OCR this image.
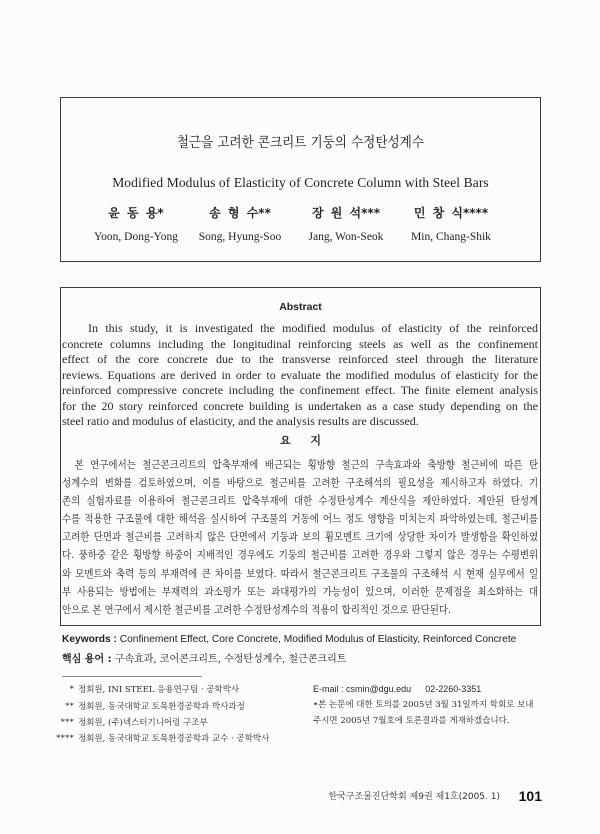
철근을 고려한 콘크리트 기둥의 수정탄성계수
Modified Modulus of Elasticity of Concrete Column with Steel Bars
윤 동 용*	송 형 수**	장 원 석***	민 창 식****
Yoon, Dong-Yong	Song, Hyung-Soo	Jang, Won-Seok	Min, Chang-Shik
Abstract
In this study, it is investigated the modified modulus of elasticity of the reinforced
concrete columns including the longitudinal reinforcing steels as well as the confinement
effect of the core concrete due to the transverse reinforced steel through the literature
reviews. Equations are derived in order to evaluate the modified modulus of elasticity for the
reinforced compressive concrete including the confinement effect. The finite element analysis
for the 20 story reinforced concrete building is undertaken as a case study depending on the
steel ratio and modulus of elasticity, and the analysis results are discussed.
요 지
본 연구에서는 철근콘크리트의 압축부재에 배근되는 횡방향 철근의 구속효과와 축방향 철근비에 따른 탄
성계수의 변화를 검토하였으며, 이를 바탕으로 철근비를 고려한 구조해석의 필요성을 제시하고자 하였다. 기
존의 실험자료를 이용하여 철근콘크리트 압축부재에 대한 수정탄성계수 계산식을 제안하였다. 제안된 탄성계
수를 적용한 구조물에 대한 해석을 실시하여 구조물의 거동에 어느 정도 영향을 미치는지 파악하였는데, 철근비를
고려한 단면과 철근비를 고려하지 않은 단면에서 기둥과 보의 휨모멘트 크기에 상당한 차이가 발생함을 확인하였
다. 풍하중 같은 횡방향 하중이 지배적인 경우에도 기둥의 철근비를 고려한 경우와 그렇지 않은 경우는 수평변위
와 모멘트와 축력 등의 부재력에 큰 차이를 보였다. 따라서 철근콘크리트 구조물의 구조해석 시 현재 실무에서 일
부 사용되는 방법에는 부재력의 과소평가 또는 과대평가의 가능성이 있으며, 이러한 문제점을 최소화하는 대
안으로 본 연구에서 제시한 철근비를 고려한 수정탄성계수의 적용이 합리적인 것으로 판단된다.
Keywords : Confinement Effect, Core Concrete, Modified Modulus of Elasticity, Reinforced Concrete
핵심 용어 : 구속효과, 코어콘크리트, 수정탄성계수, 철근콘크리트
* 정회원, INI STEEL 응용연구팀 · 공학박사
** 정회원, 동국대학교 토목환경공학과 박사과정
*** 정회원, (주)넥스터기니어링 구조부
**** 정회원, 동국대학교 토목환경공학과 교수 · 공학박사
E-mail : csmin@dgu.edu 02-2260-3351
•본 논문에 대한 토의를 2005년 3월 31일까지 학회로 보내
주시면 2005년 7월호에 토론결과를 게재하겠습니다.
한국구조물진단학회 제9권 제1호(2005. 1)	101
